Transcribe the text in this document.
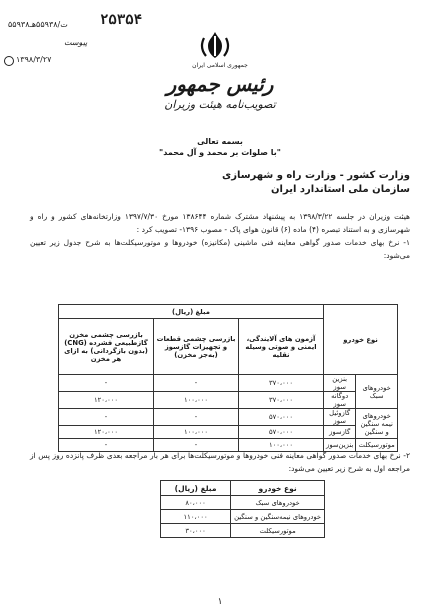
۲۵۳۵۴
۵۵۹۳۸ت/۵۵۹۳۸هـ
پیوست
۱۳۹۸/۳/۲۷
جمهوری اسلامی ایران
رئیس جمهور
تصویب‌نامه هیئت وزیران
بسمه تعالی
"با صلوات بر محمد و آل محمد"
وزارت کشور - وزارت راه و شهرسازی
سازمان ملی استاندارد ایران
هیئت وزیران در جلسه ۱۳۹۸/۳/۲۲ به پیشنهاد مشترک شماره ۱۳۸۶۴۴ مورخ ۱۳۹۷/۷/۳۰ وزارتخانه‌های کشور و راه و شهرسازی و به استناد تبصره (۴) ماده (۶) قانون هوای پاک - مصوب ۱۳۹۶- تصویب کرد :
۱- نرخ بهای خدمات صدور گواهی معاینه فنی ماشینی (مکانیزه) خودروها و موتورسیکلت‌ها به شرح جدول زیر تعیین می‌شود:
نوع خودرو		مبلغ (ریال)		
		آزمون های آلایندگی، ایمنی و صوتی وسیله نقلیه	بازرسی چشمی قطعات و تجهیزات گازسوز (به‌جز مخزن)	بازرسی چشمی مخزن گازطبیعی فشرده (CNG) (بدون بازگردانی) به ازای هر مخزن
خودروهای سبک	بنزین سوز	۳۷۰،۰۰۰	-	-
	دوگانه سوز	۳۷۰،۰۰۰	۱۰۰،۰۰۰	۱۲۰،۰۰۰
خودروهای نیمه سنگین و سنگین	گازوئیل سوز	۵۷۰،۰۰۰	-	-
	گازسوز	۵۷۰،۰۰۰	۱۰۰،۰۰۰	۱۲۰،۰۰۰
موتورسیکلت	بنزین‌سوز	۱۰۰،۰۰۰	-	-
۲- نرخ بهای خدمات صدور گواهی معاینه فنی خودروها و موتورسیکلت‌ها برای هر بار مراجعه بعدی ظرف پانزده روز پس از مراجعه اول به شرح زیر تعیین می‌شود:
نوع خودرو	مبلغ (ریال)
خودروهای سبک	۸۰،۰۰۰
خودروهای نیمه‌سنگین و سنگین	۱۱۰،۰۰۰
موتورسیکلت	۳۰،۰۰۰
۱
